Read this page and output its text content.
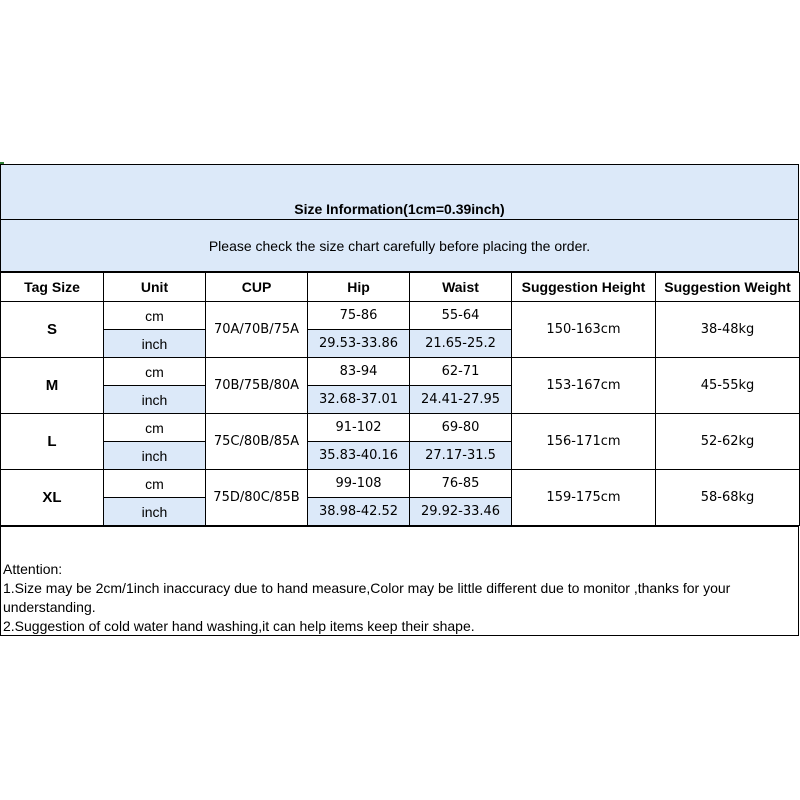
Size Information(1cm=0.39inch)
Please check the size chart carefully before placing the order.
Tag Size	Unit	CUP	Hip	Waist	Suggestion Height	Suggestion Weight
S	cm	70A/70B/75A	75-86	55-64	150-163cm	38-48kg
	inch		29.53-33.86	21.65-25.2		
M	cm	70B/75B/80A	83-94	62-71	153-167cm	45-55kg
	inch		32.68-37.01	24.41-27.95		
L	cm	75C/80B/85A	91-102	69-80	156-171cm	52-62kg
	inch		35.83-40.16	27.17-31.5		
XL	cm	75D/80C/85B	99-108	76-85	159-175cm	58-68kg
	inch		38.98-42.52	29.92-33.46		

Attention:

1.Size may be 2cm/1inch inaccuracy due to hand measure,Color may be little different due to monitor ,thanks for your understanding.

2.Suggestion of cold water hand washing,it can help items keep their shape.
